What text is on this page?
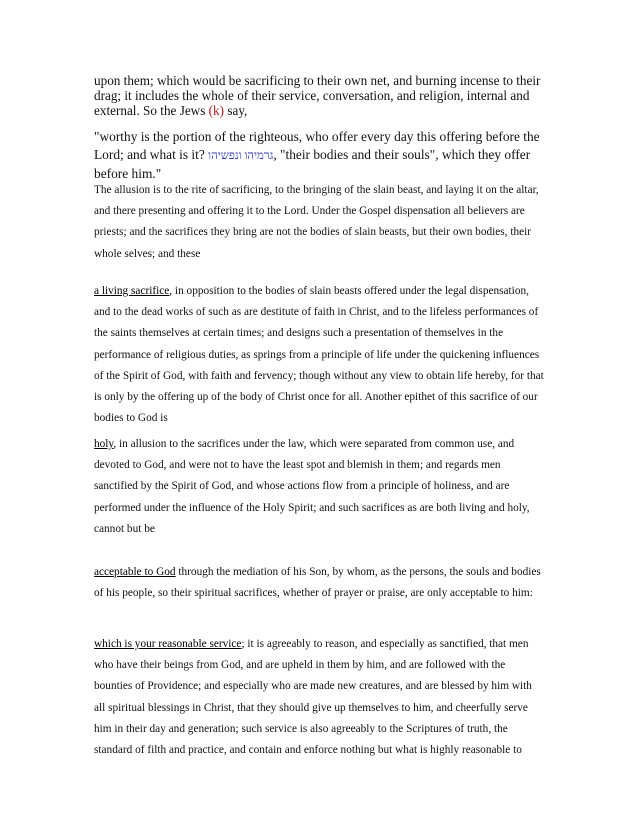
upon them; which would be sacrificing to their own net, and burning incense to their drag; it includes the whole of their service, conversation, and religion, internal and external. So the Jews (k) say,

"worthy is the portion of the righteous, who offer every day this offering before the Lord; and what is it? גרמיהו ונפשיהו, "their bodies and their souls", which they offer before him."

The allusion is to the rite of sacrificing, to the bringing of the slain beast, and laying it on the altar, and there presenting and offering it to the Lord. Under the Gospel dispensation all believers are priests; and the sacrifices they bring are not the bodies of slain beasts, but their own bodies, their whole selves; and these

a living sacrifice, in opposition to the bodies of slain beasts offered under the legal dispensation, and to the dead works of such as are destitute of faith in Christ, and to the lifeless performances of the saints themselves at certain times; and designs such a presentation of themselves in the performance of religious duties, as springs from a principle of life under the quickening influences of the Spirit of God, with faith and fervency; though without any view to obtain life hereby, for that is only by the offering up of the body of Christ once for all. Another epithet of this sacrifice of our bodies to God is

holy, in allusion to the sacrifices under the law, which were separated from common use, and devoted to God, and were not to have the least spot and blemish in them; and regards men sanctified by the Spirit of God, and whose actions flow from a principle of holiness, and are performed under the influence of the Holy Spirit; and such sacrifices as are both living and holy, cannot but be

acceptable to God through the mediation of his Son, by whom, as the persons, the souls and bodies of his people, so their spiritual sacrifices, whether of prayer or praise, are only acceptable to him:

which is your reasonable service; it is agreeably to reason, and especially as sanctified, that men who have their beings from God, and are upheld in them by him, and are followed with the bounties of Providence; and especially who are made new creatures, and are blessed by him with all spiritual blessings in Christ, that they should give up themselves to him, and cheerfully serve him in their day and generation; such service is also agreeably to the Scriptures of truth, the standard of filth and practice, and contain and enforce nothing but what is highly reasonable to
